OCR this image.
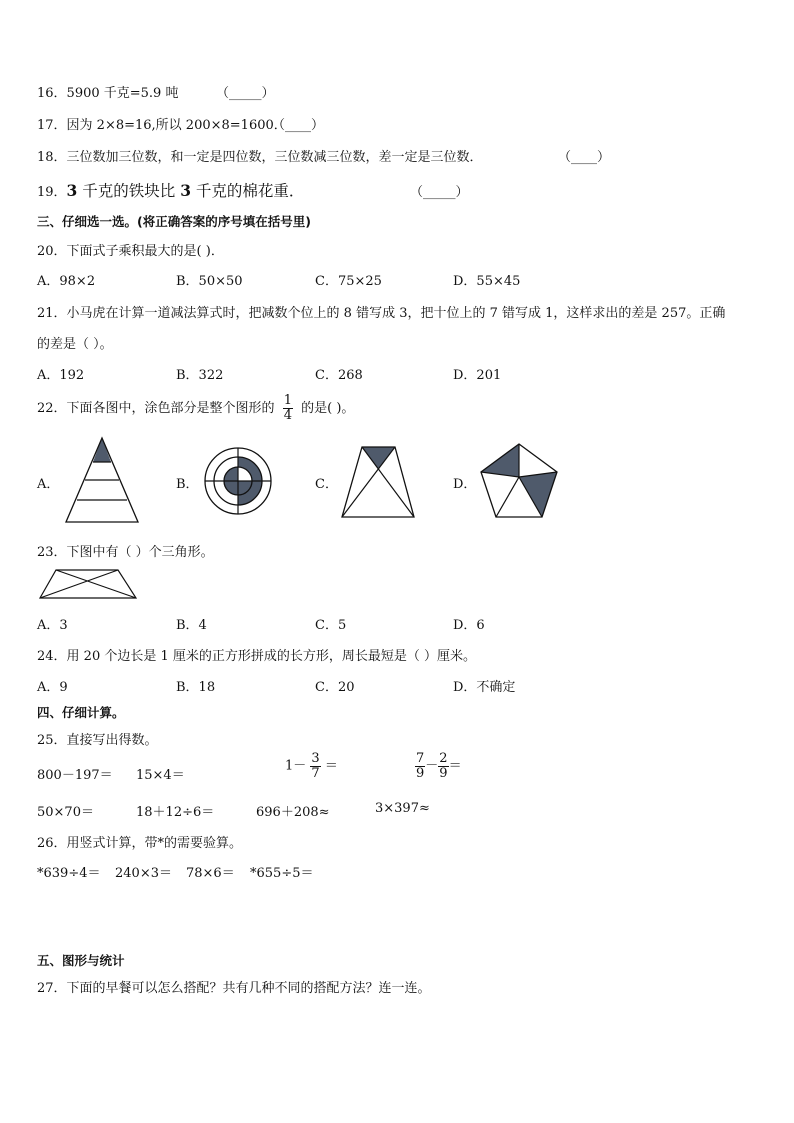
16．5900 千克=5.9 吨	（_____）
17．因为 2×8=16,所以 200×8=1600．
（____）
18．三位数加三位数，和一定是四位数，三位数减三位数，差一定是三位数．	（____）
19．3 千克的铁块比 3 千克的棉花重．	（_____）
三、仔细选一选。(将正确答案的序号填在括号里)
20．下面式子乘积最大的是( )．
A．98×2	B．50×50	C．75×25	D．55×45
21．小马虎在计算一道减法算式时，把减数个位上的 8 错写成 3，把十位上的 7 错写成 1，这样求出的差是 257。正确
的差是（ ）。
A．192	B．322	C．268	D．201
22．下面各图中，涂色部分是整个图形的 $\frac{1}{4}$ 的是( )。
A．	B．	C．	D．
23．下图中有（ ）个三角形。
A．3	B．4	C．5	D．6
24．用 20 个边长是 1 厘米的正方形拼成的长方形，周长最短是（ ）厘米。
A．9	B．18	C．20	D．不确定
四、仔细计算。
25．直接写出得数。
800－197＝ 15×4＝
$1- \frac{3}{7}$ ＝	$\frac{7}{9} - \frac{2}{9}$ ＝
50×70＝	18＋12÷6＝	696＋208≈	3×397≈
26．用竖式计算，带*的需要验算。
*639÷4＝ 240×3＝ 78×6＝ *655÷5＝
五、图形与统计
27．下面的早餐可以怎么搭配？共有几种不同的搭配方法？连一连。
